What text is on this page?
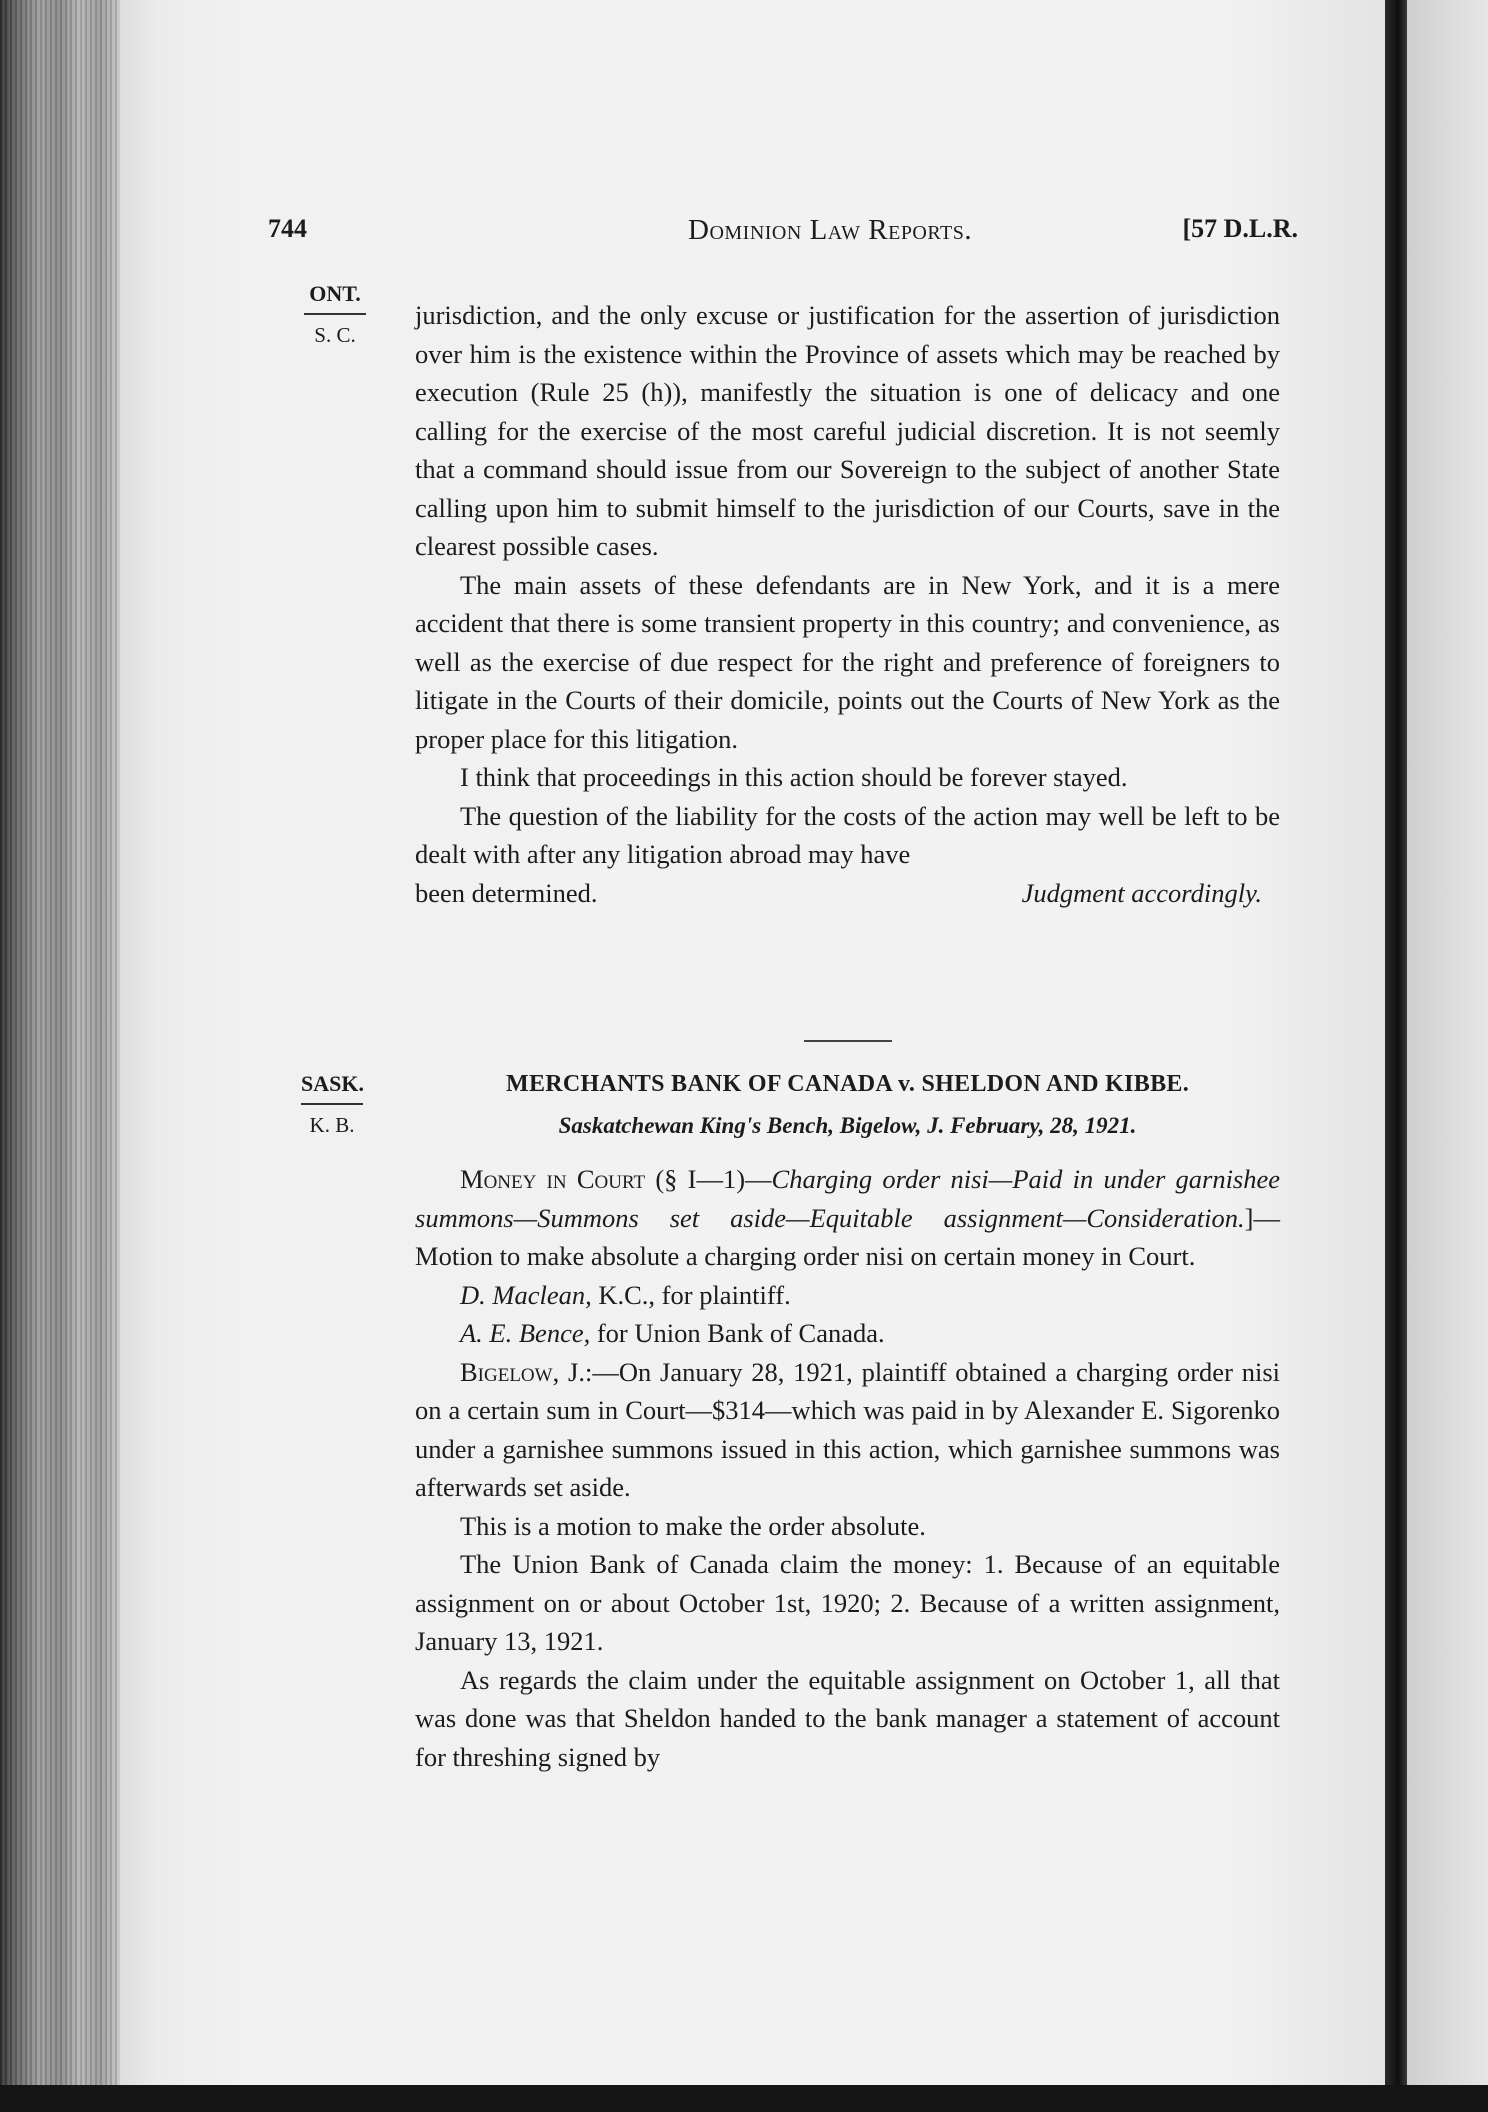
744	Dominion Law Reports.	[57 D.L.R.
ONT.
S. C.

jurisdiction, and the only excuse or justification for the assertion of jurisdiction over him is the existence within the Province of assets which may be reached by execution (Rule 25 (h)), manifestly the situation is one of delicacy and one calling for the exercise of the most careful judicial discretion. It is not seemly that a command should issue from our Sovereign to the subject of another State calling upon him to submit himself to the jurisdiction of our Courts, save in the clearest possible cases.

The main assets of these defendants are in New York, and it is a mere accident that there is some transient property in this country; and convenience, as well as the exercise of due respect for the right and preference of foreigners to litigate in the Courts of their domicile, points out the Courts of New York as the proper place for this litigation.

I think that proceedings in this action should be forever stayed.

The question of the liability for the costs of the action may well be left to be dealt with after any litigation abroad may have

been determined.	Judgment accordingly.
SASK.
K. B.
MERCHANTS BANK OF CANADA v. SHELDON AND KIBBE.
Saskatchewan King's Bench, Bigelow, J. February, 28, 1921.

Money in Court (§ I—1)—Charging order nisi—Paid in under garnishee summons—Summons set aside—Equitable assignment—Consideration.]—Motion to make absolute a charging order nisi on certain money in Court.

D. Maclean, K.C., for plaintiff.

A. E. Bence, for Union Bank of Canada.

Bigelow, J.:—On January 28, 1921, plaintiff obtained a charging order nisi on a certain sum in Court—$314—which was paid in by Alexander E. Sigorenko under a garnishee summons issued in this action, which garnishee summons was afterwards set aside.

This is a motion to make the order absolute.

The Union Bank of Canada claim the money: 1. Because of an equitable assignment on or about October 1st, 1920; 2. Because of a written assignment, January 13, 1921.

As regards the claim under the equitable assignment on October 1, all that was done was that Sheldon handed to the bank manager a statement of account for threshing signed by
